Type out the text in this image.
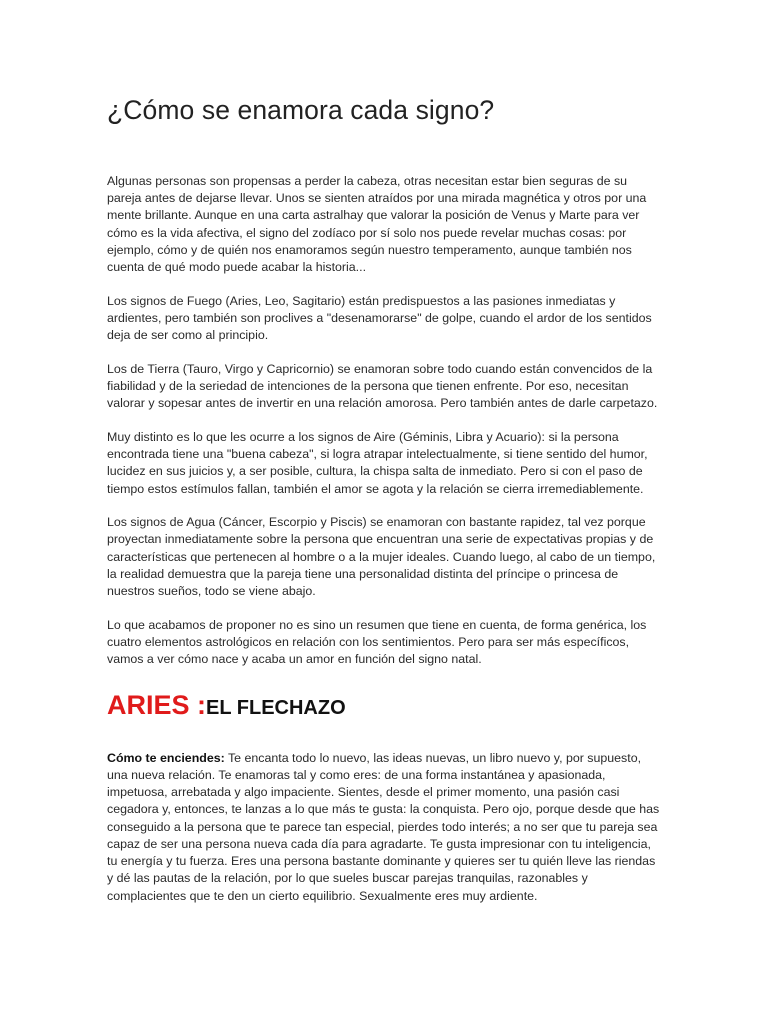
¿Cómo se enamora cada signo?

Algunas personas son propensas a perder la cabeza, otras necesitan estar bien seguras de su pareja antes de dejarse llevar. Unos se sienten atraídos por una mirada magnética y otros por una mente brillante. Aunque en una carta astralhay que valorar la posición de Venus y Marte para ver cómo es la vida afectiva, el signo del zodíaco por sí solo nos puede revelar muchas cosas: por ejemplo, cómo y de quién nos enamoramos según nuestro temperamento, aunque también nos cuenta de qué modo puede acabar la historia...

Los signos de Fuego (Aries, Leo, Sagitario) están predispuestos a las pasiones inmediatas y ardientes, pero también son proclives a "desenamorarse" de golpe, cuando el ardor de los sentidos deja de ser como al principio.

Los de Tierra (Tauro, Virgo y Capricornio) se enamoran sobre todo cuando están convencidos de la fiabilidad y de la seriedad de intenciones de la persona que tienen enfrente. Por eso, necesitan valorar y sopesar antes de invertir en una relación amorosa. Pero también antes de darle carpetazo.

Muy distinto es lo que les ocurre a los signos de Aire (Géminis, Libra y Acuario): si la persona encontrada tiene una "buena cabeza", si logra atrapar intelectualmente, si tiene sentido del humor, lucidez en sus juicios y, a ser posible, cultura, la chispa salta de inmediato. Pero si con el paso de tiempo estos estímulos fallan, también el amor se agota y la relación se cierra irremediablemente.

Los signos de Agua (Cáncer, Escorpio y Piscis) se enamoran con bastante rapidez, tal vez porque proyectan inmediatamente sobre la persona que encuentran una serie de expectativas propias y de características que pertenecen al hombre o a la mujer ideales. Cuando luego, al cabo de un tiempo, la realidad demuestra que la pareja tiene una personalidad distinta del príncipe o princesa de nuestros sueños, todo se viene abajo.

Lo que acabamos de proponer no es sino un resumen que tiene en cuenta, de forma genérica, los cuatro elementos astrológicos en relación con los sentimientos. Pero para ser más específicos, vamos a ver cómo nace y acaba un amor en función del signo natal.

ARIES :EL FLECHAZO

Cómo te enciendes: Te encanta todo lo nuevo, las ideas nuevas, un libro nuevo y, por supuesto, una nueva relación. Te enamoras tal y como eres: de una forma instantánea y apasionada, impetuosa, arrebatada y algo impaciente. Sientes, desde el primer momento, una pasión casi cegadora y, entonces, te lanzas a lo que más te gusta: la conquista. Pero ojo, porque desde que has conseguido a la persona que te parece tan especial, pierdes todo interés; a no ser que tu pareja sea capaz de ser una persona nueva cada día para agradarte. Te gusta impresionar con tu inteligencia, tu energía y tu fuerza. Eres una persona bastante dominante y quieres ser tu quién lleve las riendas y dé las pautas de la relación, por lo que sueles buscar parejas tranquilas, razonables y complacientes que te den un cierto equilibrio. Sexualmente eres muy ardiente.
